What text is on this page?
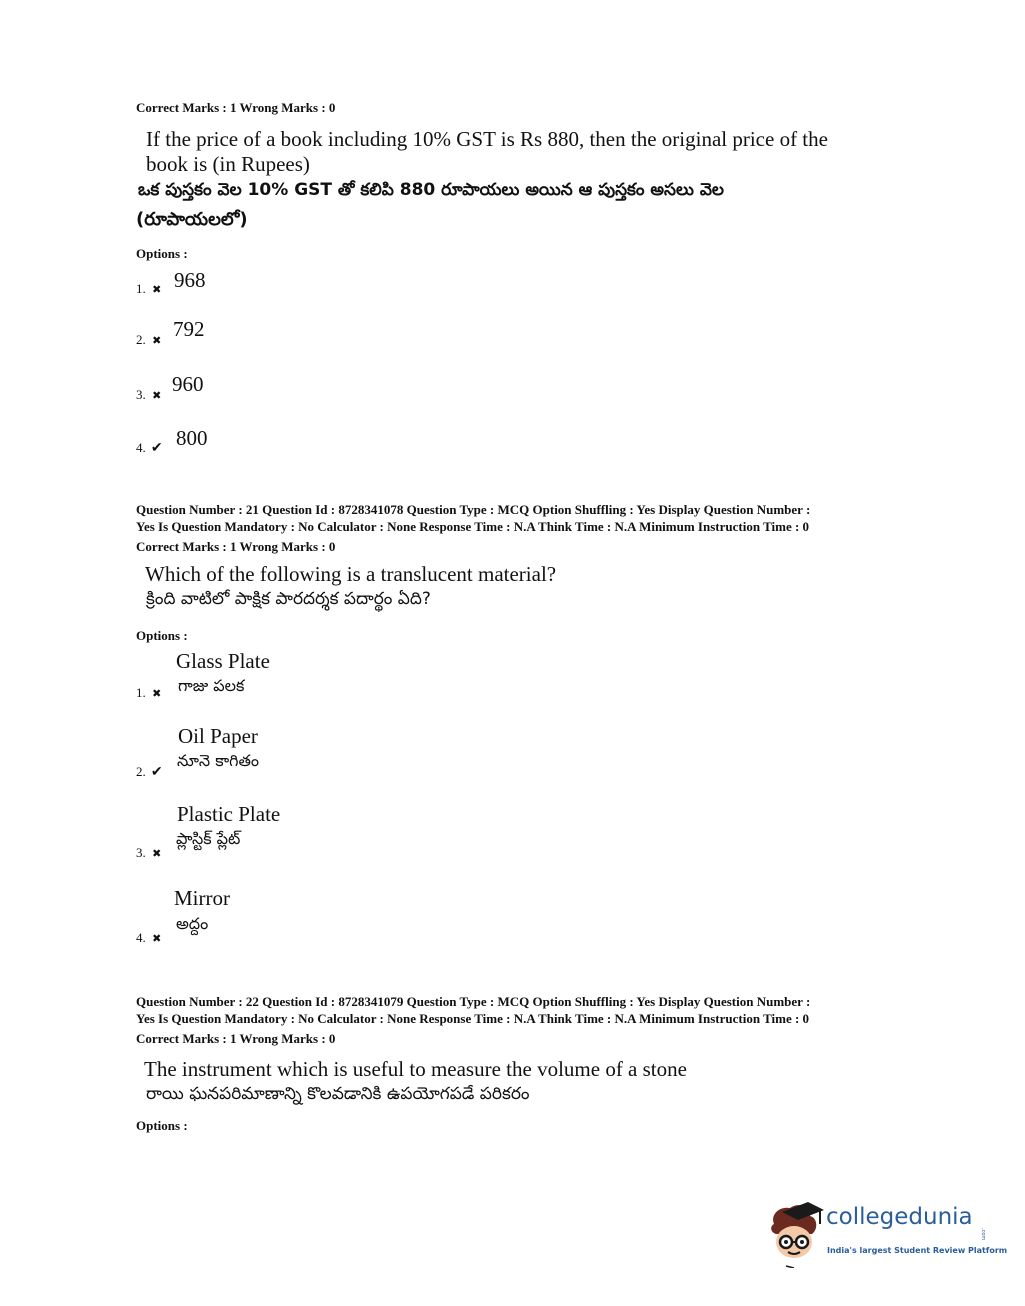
Correct Marks : 1 Wrong Marks : 0
If the price of a book including 10% GST is Rs 880, then the original price of the
book is (in Rupees)
ఒక పుస్తకం వెల 10% GST తో కలిపి 880 రూపాయలు అయిన ఆ పుస్తకం అసలు వెల
(రూపాయలలో)
Options :
1. ✖ 968
2. ✖ 792
3. ✖ 960
4. ✔ 800
Question Number : 21 Question Id : 8728341078 Question Type : MCQ Option Shuffling : Yes Display Question Number :
Yes Is Question Mandatory : No Calculator : None Response Time : N.A Think Time : N.A Minimum Instruction Time : 0
Correct Marks : 1 Wrong Marks : 0
Which of the following is a translucent material?
క్రింది వాటిలో పాక్షిక పారదర్శక పదార్థం ఏది?
Options :
1. ✖
Glass Plate
గాజు పలక
2. ✔
Oil Paper
నూనె కాగితం
3. ✖
Plastic Plate
ప్లాస్టిక్ ప్లేట్
4. ✖
Mirror
అద్దం
Question Number : 22 Question Id : 8728341079 Question Type : MCQ Option Shuffling : Yes Display Question Number :
Yes Is Question Mandatory : No Calculator : None Response Time : N.A Think Time : N.A Minimum Instruction Time : 0
Correct Marks : 1 Wrong Marks : 0
The instrument which is useful to measure the volume of a stone
రాయి ఘనపరిమాణాన్ని కొలవడానికి ఉపయోగపడే పరికరం
Options :
collegedunia
.com
India's largest Student Review Platform
